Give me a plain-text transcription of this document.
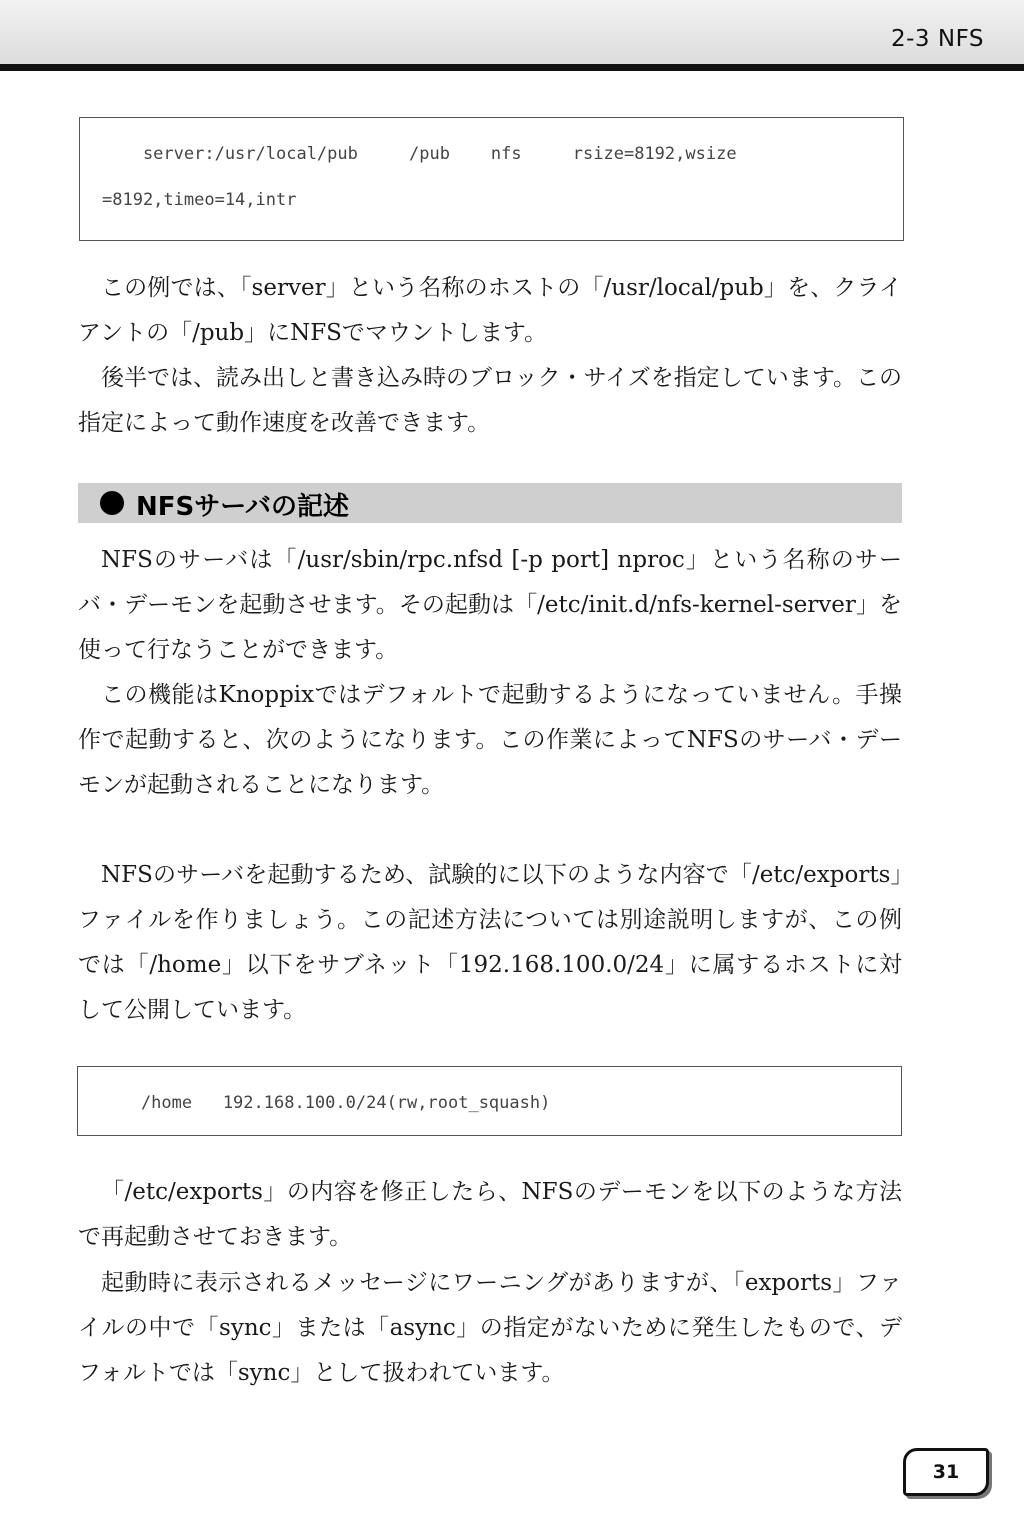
2-3 NFS
server:/usr/local/pub     /pub    nfs     rsize=8192,wsize
=8192,timeo=14,intr

この例では、「server」という名称のホストの「/usr/local/pub」を、クライアントの「/pub」にNFSでマウントします。

後半では、読み出しと書き込み時のブロック・サイズを指定しています。この指定によって動作速度を改善できます。

NFSサーバの記述

NFSのサーバは「/usr/sbin/rpc.nfsd [-p port] nproc」という名称のサーバ・デーモンを起動させます。その起動は「/etc/init.d/nfs-kernel-server」を使って行なうことができます。

この機能はKnoppixではデフォルトで起動するようになっていません。手操作で起動すると、次のようになります。この作業によってNFSのサーバ・デーモンが起動されることになります。

NFSのサーバを起動するため、試験的に以下のような内容で「/etc/exports」ファイルを作りましょう。この記述方法については別途説明しますが、この例では「/home」以下をサブネット「192.168.100.0/24」に属するホストに対して公開しています。

/home   192.168.100.0/24(rw,root_squash)

「/etc/exports」の内容を修正したら、NFSのデーモンを以下のような方法で再起動させておきます。

起動時に表示されるメッセージにワーニングがありますが、「exports」ファイルの中で「sync」または「async」の指定がないために発生したもので、デフォルトでは「sync」として扱われています。

31
